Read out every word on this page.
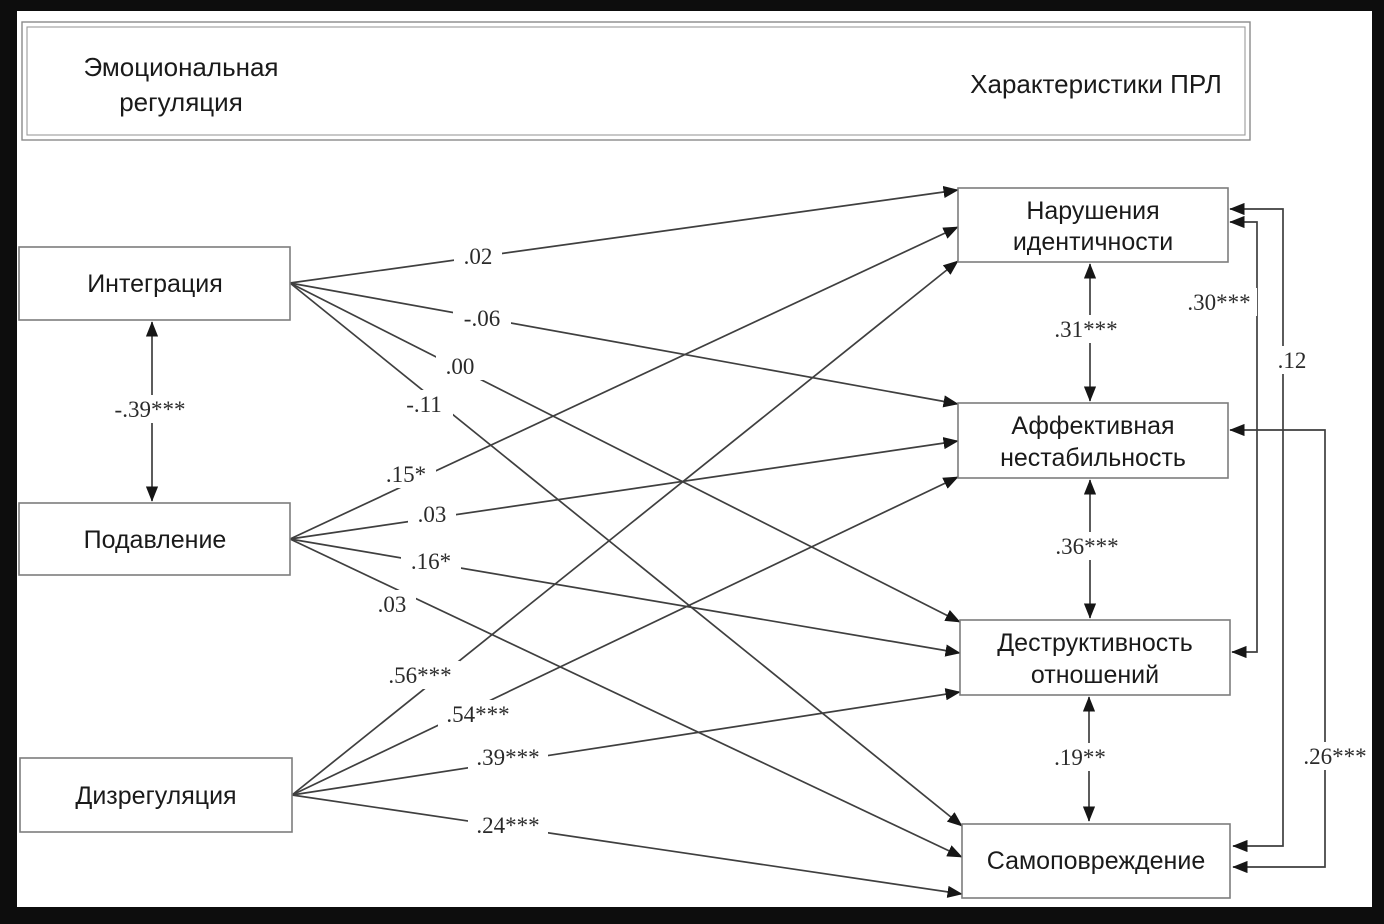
Эмоциональная
регуляция
Характеристики ПРЛ
Интеграция
Подавление
Дизрегуляция
Нарушения
идентичности
Аффективная
нестабильность
Деструктивность
отношений
Самоповреждение
.02
-.06
.00
-.11
.15*
.03
.16*
.03
.56***
.54***
.39***
.24***
-.39***
.31***
.36***
.19**
.30***
.12
.26***
